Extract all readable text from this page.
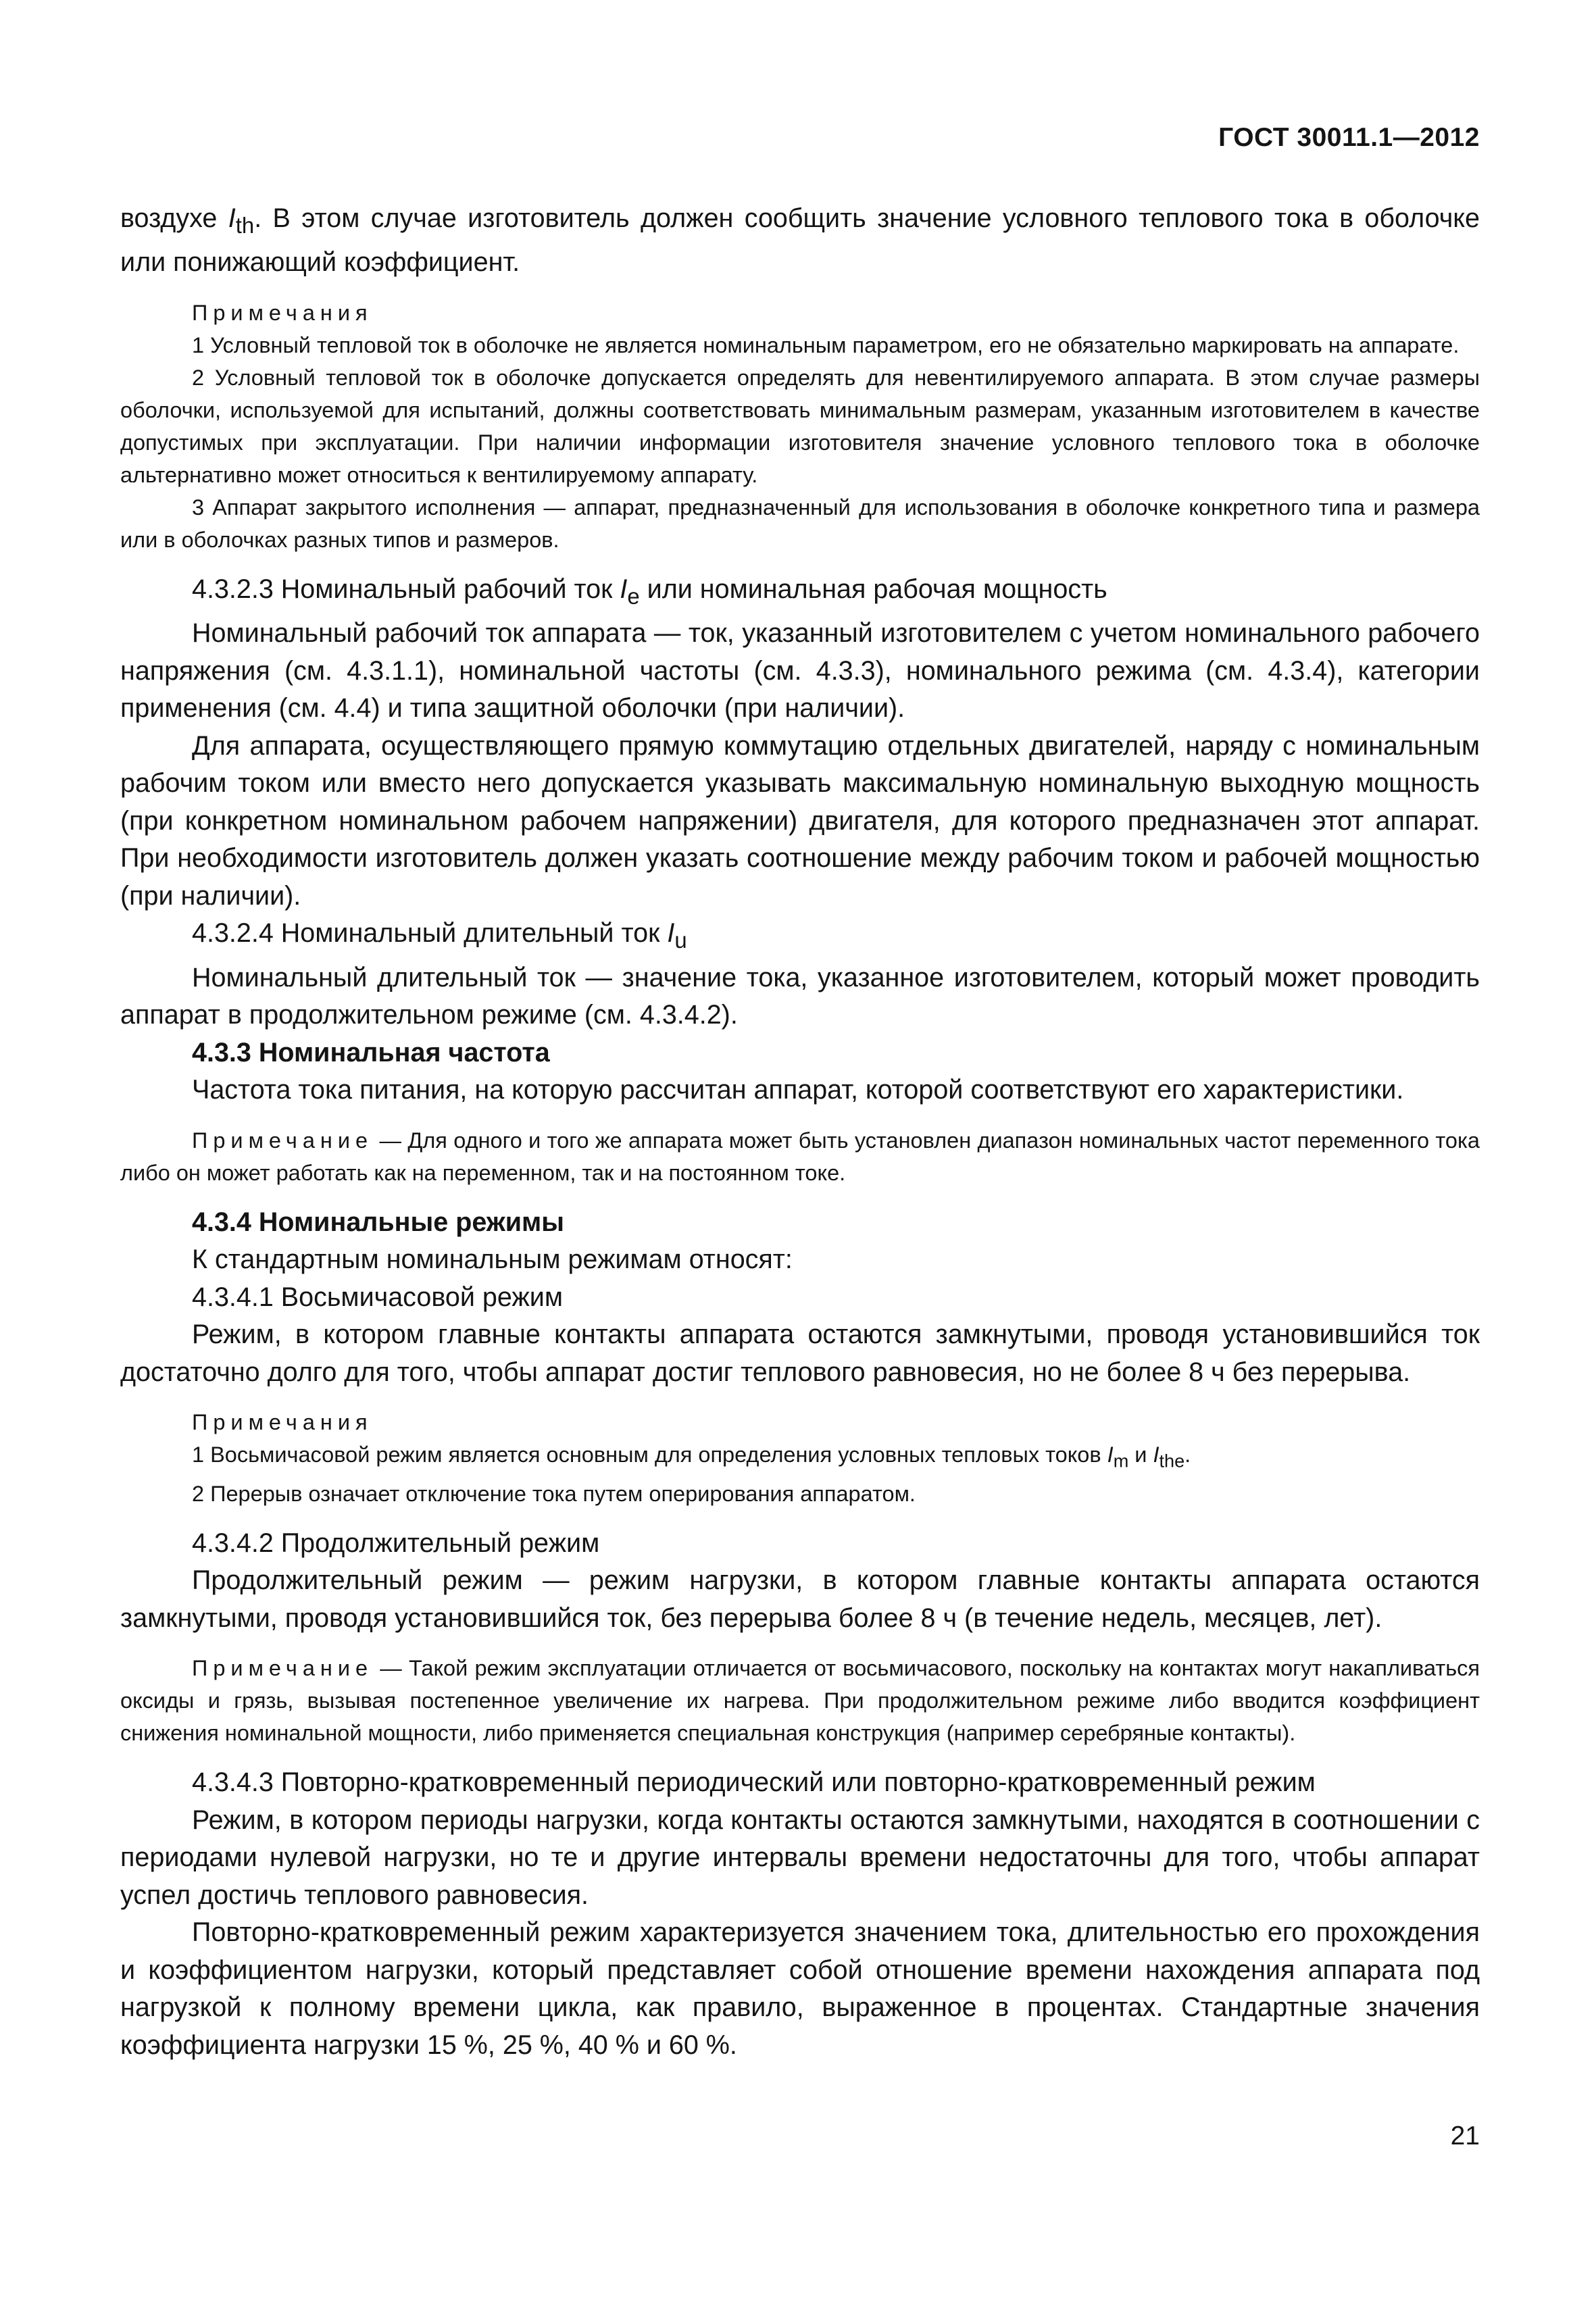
ГОСТ 30011.1—2012

воздухе $I_{th}$. В этом случае изготовитель должен сообщить значение условного теплового тока в оболочке или понижающий коэффициент.

Примечания

1 Условный тепловой ток в оболочке не является номинальным параметром, его не обязательно маркировать на аппарате.

2 Условный тепловой ток в оболочке допускается определять для невентилируемого аппарата. В этом случае размеры оболочки, используемой для испытаний, должны соответствовать минимальным размерам, указанным изготовителем в качестве допустимых при эксплуатации. При наличии информации изготовителя значение условного теплового тока в оболочке альтернативно может относиться к вентилируемому аппарату.

3 Аппарат закрытого исполнения — аппарат, предназначенный для использования в оболочке конкретного типа и размера или в оболочках разных типов и размеров.

4.3.2.3 Номинальный рабочий ток $I_e$ или номинальная рабочая мощность

Номинальный рабочий ток аппарата — ток, указанный изготовителем с учетом номинального рабочего напряжения (см. 4.3.1.1), номинальной частоты (см. 4.3.3), номинального режима (см. 4.3.4), категории применения (см. 4.4) и типа защитной оболочки (при наличии).

Для аппарата, осуществляющего прямую коммутацию отдельных двигателей, наряду с номинальным рабочим током или вместо него допускается указывать максимальную номинальную выходную мощность (при конкретном номинальном рабочем напряжении) двигателя, для которого предназначен этот аппарат. При необходимости изготовитель должен указать соотношение между рабочим током и рабочей мощностью (при наличии).

4.3.2.4 Номинальный длительный ток $I_u$

Номинальный длительный ток — значение тока, указанное изготовителем, который может проводить аппарат в продолжительном режиме (см. 4.3.4.2).

4.3.3 Номинальная частота

Частота тока питания, на которую рассчитан аппарат, которой соответствуют его характеристики.

Примечание — Для одного и того же аппарата может быть установлен диапазон номинальных частот переменного тока либо он может работать как на переменном, так и на постоянном токе.

4.3.4 Номинальные режимы

К стандартным номинальным режимам относят:

4.3.4.1 Восьмичасовой режим

Режим, в котором главные контакты аппарата остаются замкнутыми, проводя установившийся ток достаточно долго для того, чтобы аппарат достиг теплового равновесия, но не более 8 ч без перерыва.

Примечания

1 Восьмичасовой режим является основным для определения условных тепловых токов $I_m$ и $I_{the}$.

2 Перерыв означает отключение тока путем оперирования аппаратом.

4.3.4.2 Продолжительный режим

Продолжительный режим — режим нагрузки, в котором главные контакты аппарата остаются замкнутыми, проводя установившийся ток, без перерыва более 8 ч (в течение недель, месяцев, лет).

Примечание — Такой режим эксплуатации отличается от восьмичасового, поскольку на контактах могут накапливаться оксиды и грязь, вызывая постепенное увеличение их нагрева. При продолжительном режиме либо вводится коэффициент снижения номинальной мощности, либо применяется специальная конструкция (например серебряные контакты).

4.3.4.3 Повторно-кратковременный периодический или повторно-кратковременный режим

Режим, в котором периоды нагрузки, когда контакты остаются замкнутыми, находятся в соотношении с периодами нулевой нагрузки, но те и другие интервалы времени недостаточны для того, чтобы аппарат успел достичь теплового равновесия.

Повторно-кратковременный режим характеризуется значением тока, длительностью его прохождения и коэффициентом нагрузки, который представляет собой отношение времени нахождения аппарата под нагрузкой к полному времени цикла, как правило, выраженное в процентах. Стандартные значения коэффициента нагрузки 15 %, 25 %, 40 % и 60 %.

21
